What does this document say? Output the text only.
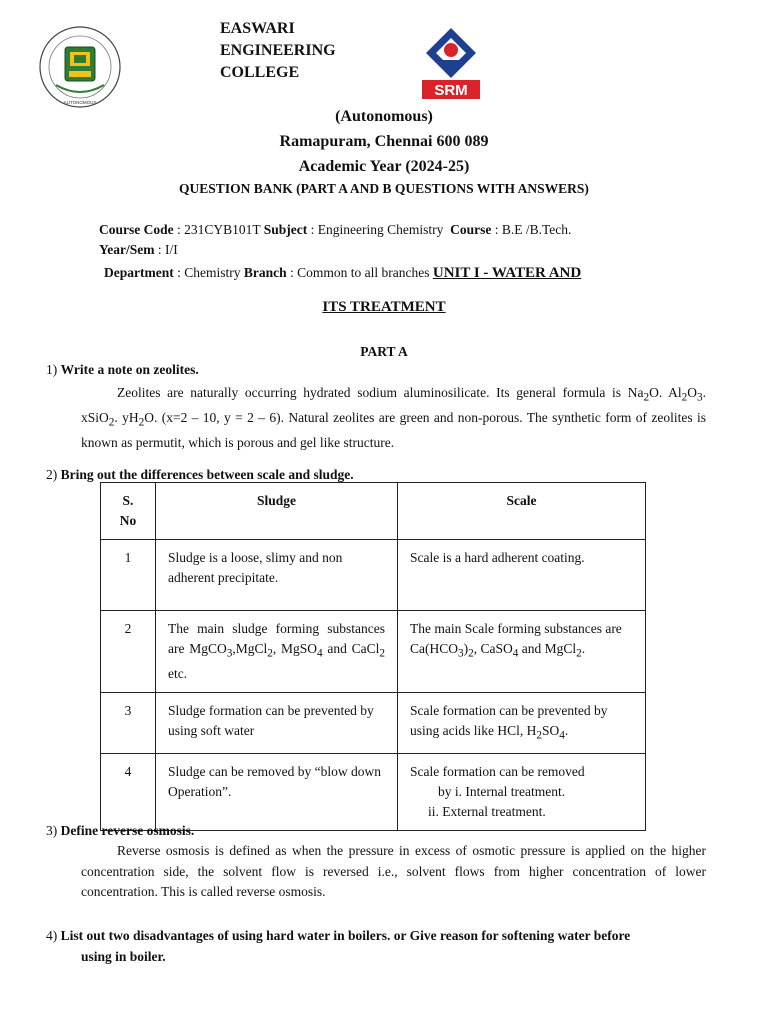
AUTONOMOUS
EASWARI
ENGINEERING
COLLEGE
SRM
(Autonomous)
Ramapuram, Chennai 600 089
Academic Year (2024-25)
QUESTION BANK (PART A AND B QUESTIONS WITH ANSWERS)
Course Code : 231CYB101T Subject : Engineering Chemistry Course : B.E /B.Tech.
Year/Sem : I/I
Department : Chemistry Branch : Common to all branches UNIT I - WATER AND
ITS TREATMENT
PART A
1) Write a note on zeolites.
Zeolites are naturally occurring hydrated sodium aluminosilicate. Its general formula is $Na_2O$. $Al_2O_3$. xSiO$_2$. $yH_2O$. (x=2 – 10, y = 2 – 6). Natural zeolites are green and non-porous. The synthetic form of zeolites is known as permutit, which is porous and gel like structure.
2) Bring out the differences between scale and sludge.
S. No	Sludge	Scale
1	Sludge is a loose, slimy and non adherent precipitate.	Scale is a hard adherent coating.
2	The main sludge forming substances are MgCO$_3$,MgCl$_2$, MgSO$_4$ and CaCl$_2$ etc.	The main Scale forming substances are $Ca(HCO_3)_2$, CaSO$_4$ and MgCl$_2$.
3	Sludge formation can be prevented by using soft water	Scale formation can be prevented by using acids like HCl, $H_2SO_4$.
4	Sludge can be removed by “blow down Operation”.	Scale formation can be removed
by i. Internal treatment.
ii. External treatment.
3) Define reverse osmosis.
Reverse osmosis is defined as when the pressure in excess of osmotic pressure is applied on the higher concentration side, the solvent flow is reversed i.e., solvent flows from higher concentration of lower concentration. This is called reverse osmosis.
4) List out two disadvantages of using hard water in boilers. or Give reason for softening water before
using in boiler.
